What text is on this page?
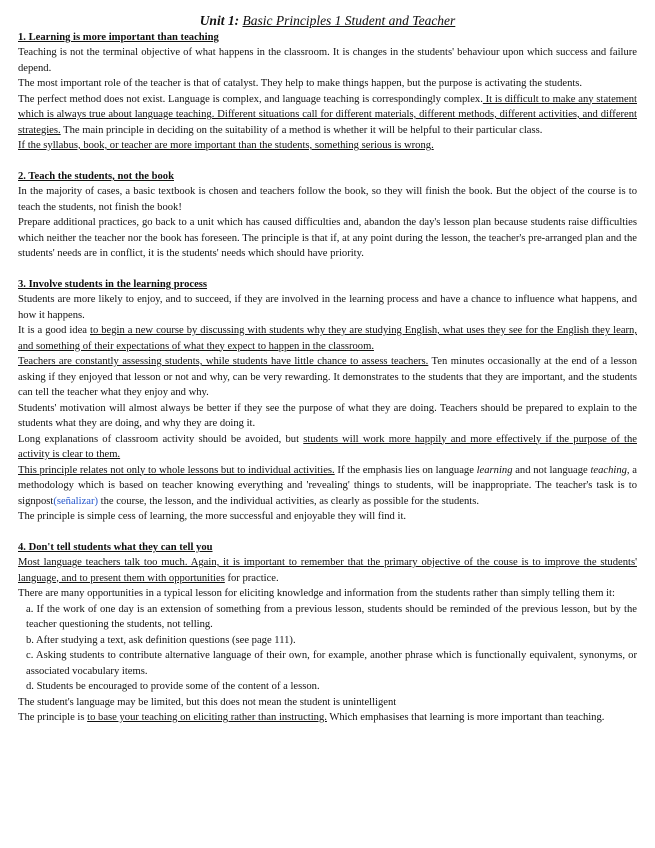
Unit 1: Basic Principles 1 Student and Teacher
1. Learning is more important than teaching

Teaching is not the terminal objective of what happens in the classroom. It is changes in the students' behaviour upon which success and failure depend.

The most important role of the teacher is that of catalyst. They help to make things happen, but the purpose is activating the students.

The perfect method does not exist. Language is complex, and language teaching is correspondingly complex. It is difficult to make any statement which is always true about language teaching. Different situations call for different materials, different methods, different activities, and different strategies. The main principle in deciding on the suitability of a method is whether it will be helpful to their particular class.

If the syllabus, book, or teacher are more important than the students, something serious is wrong.

2. Teach the students, not the book

In the majority of cases, a basic textbook is chosen and teachers follow the book, so they will finish the book. But the object of the course is to teach the students, not finish the book!

Prepare additional practices, go back to a unit which has caused difficulties and, abandon the day's lesson plan because students raise difficulties which neither the teacher nor the book has foreseen. The principle is that if, at any point during the lesson, the teacher's pre-arranged plan and the students' needs are in conflict, it is the students' needs which should have priority.

3. Involve students in the learning process

Students are more likely to enjoy, and to succeed, if they are involved in the learning process and have a chance to influence what happens, and how it happens.

It is a good idea to begin a new course by discussing with students why they are studying English, what uses they see for the English they learn, and something of their expectations of what they expect to happen in the classroom.

Teachers are constantly assessing students, while students have little chance to assess teachers. Ten minutes occasionally at the end of a lesson asking if they enjoyed that lesson or not and why, can be very rewarding. It demonstrates to the students that they are important, and the students can tell the teacher what they enjoy and why.

Students' motivation will almost always be better if they see the purpose of what they are doing. Teachers should be prepared to explain to the students what they are doing, and why they are doing it.

Long explanations of classroom activity should be avoided, but students will work more happily and more effectively if the purpose of the activity is clear to them.

This principle relates not only to whole lessons but to individual activities. If the emphasis lies on language learning and not language teaching, a methodology which is based on teacher knowing everything and 'revealing' things to students, will be inappropriate. The teacher's task is to signpost(señalizar) the course, the lesson, and the individual activities, as clearly as possible for the students.

The principle is simple cess of learning, the more successful and enjoyable they will find it.

4. Don't tell students what they can tell you

Most language teachers talk too much. Again, it is important to remember that the primary objective of the couse is to improve the students' language, and to present them with opportunities for practice.

There are many opportunities in a typical lesson for eliciting knowledge and information from the students rather than simply telling them it:

a. If the work of one day is an extension of something from a previous lesson, students should be reminded of the previous lesson, but by the teacher questioning the students, not telling.

b. After studying a text, ask definition questions (see page 111).

c. Asking students to contribute alternative language of their own, for example, another phrase which is functionally equivalent, synonyms, or associated vocabulary items.

d. Students be encouraged to provide some of the content of a lesson.

The student's language may be limited, but this does not mean the student is unintelligent

The principle is to base your teaching on eliciting rather than instructing. Which emphasises that learning is more important than teaching.
